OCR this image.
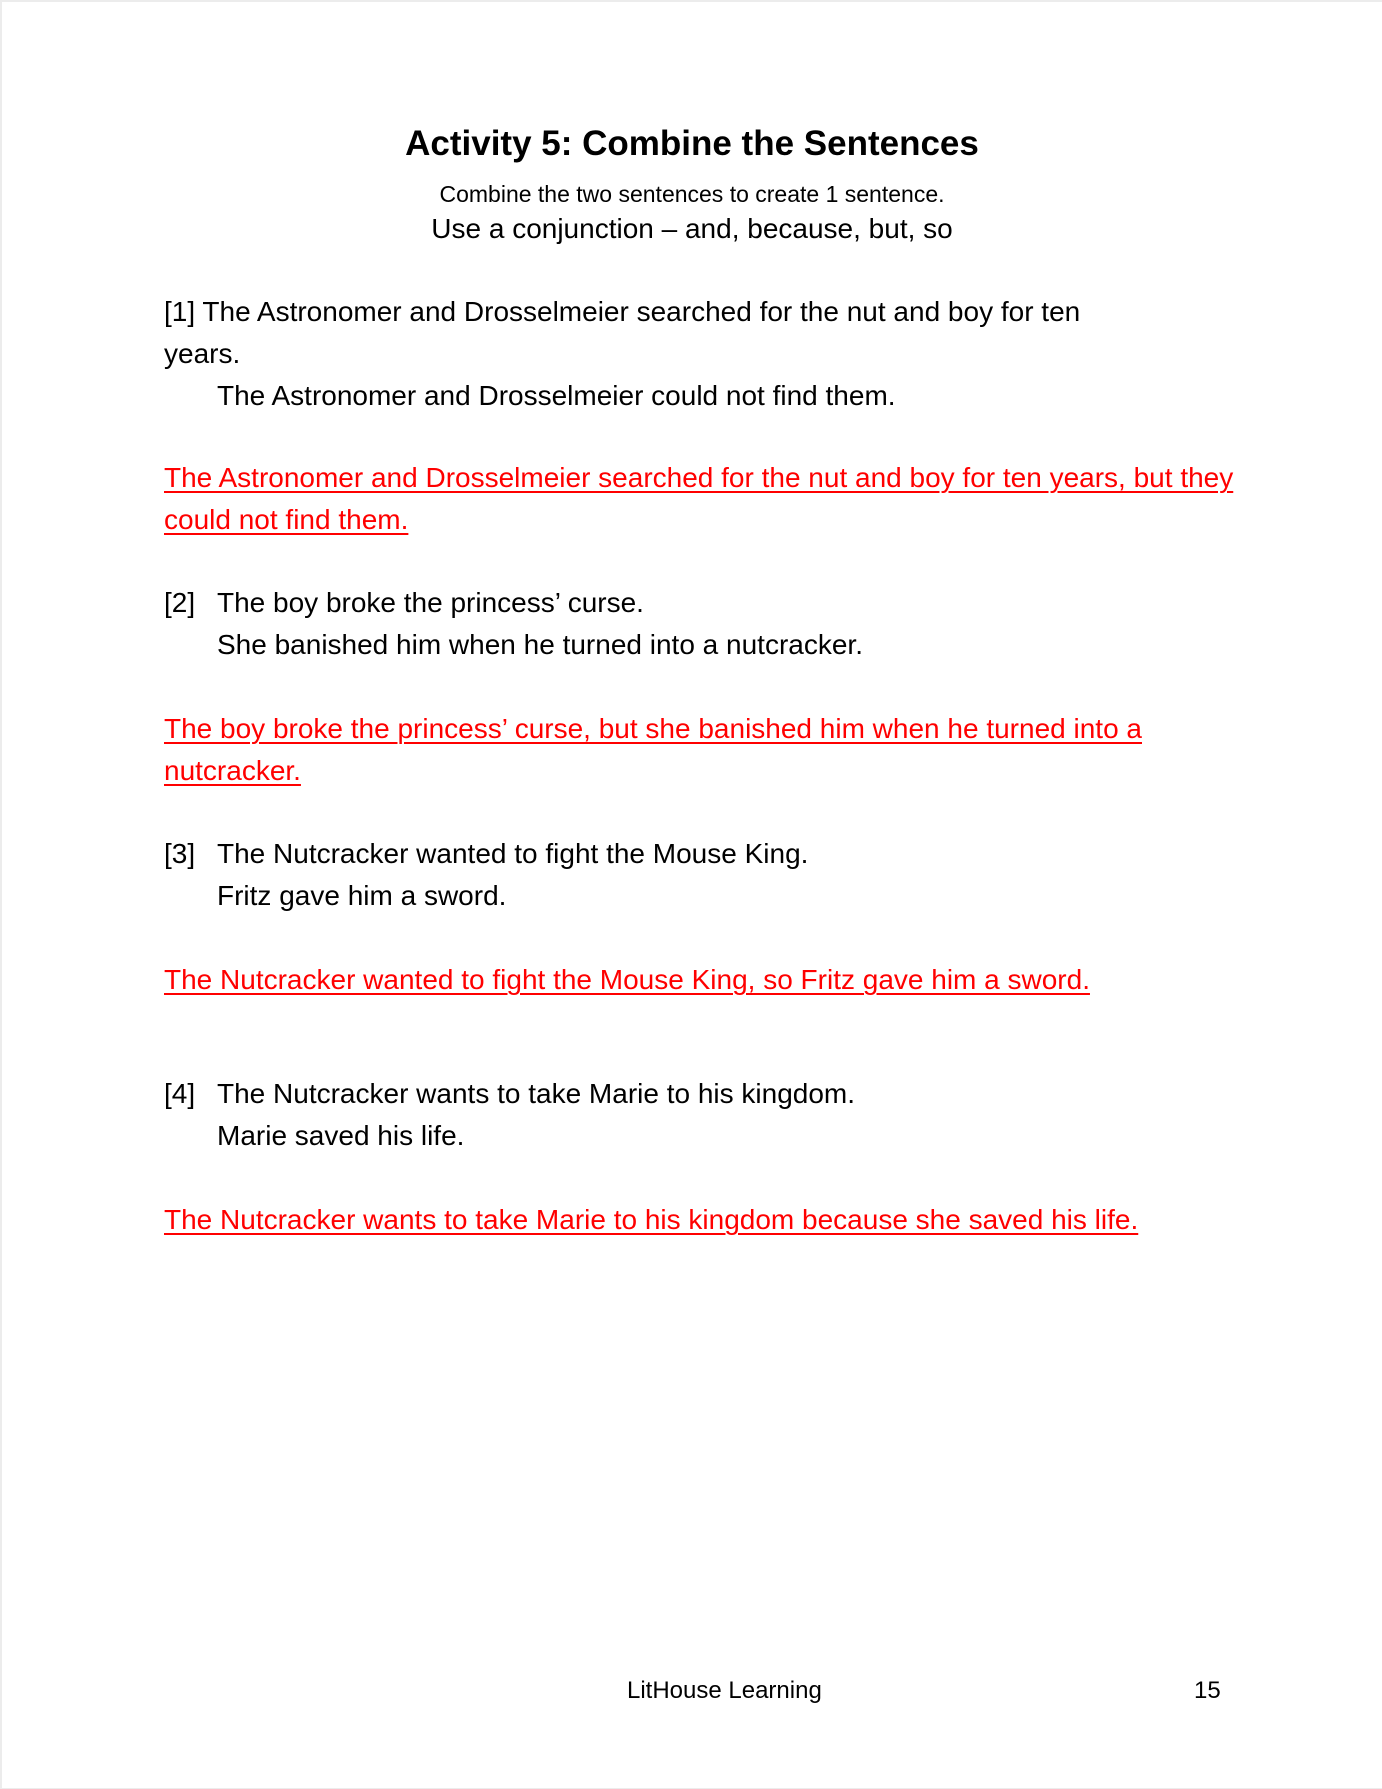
Activity 5: Combine the Sentences
Combine the two sentences to create 1 sentence.
Use a conjunction – and, because, but, so
[1] The Astronomer and Drosselmeier searched for the nut and boy for ten
years.
The Astronomer and Drosselmeier could not find them.
The Astronomer and Drosselmeier searched for the nut and boy for ten years, but they could not find them.
[2] The boy broke the princess’ curse.
She banished him when he turned into a nutcracker.
The boy broke the princess’ curse, but she banished him when he turned into a nutcracker.
[3] The Nutcracker wanted to fight the Mouse King.
Fritz gave him a sword.
The Nutcracker wanted to fight the Mouse King, so Fritz gave him a sword.
[4] The Nutcracker wants to take Marie to his kingdom.
Marie saved his life.
The Nutcracker wants to take Marie to his kingdom because she saved his life.
LitHouse Learning	15
